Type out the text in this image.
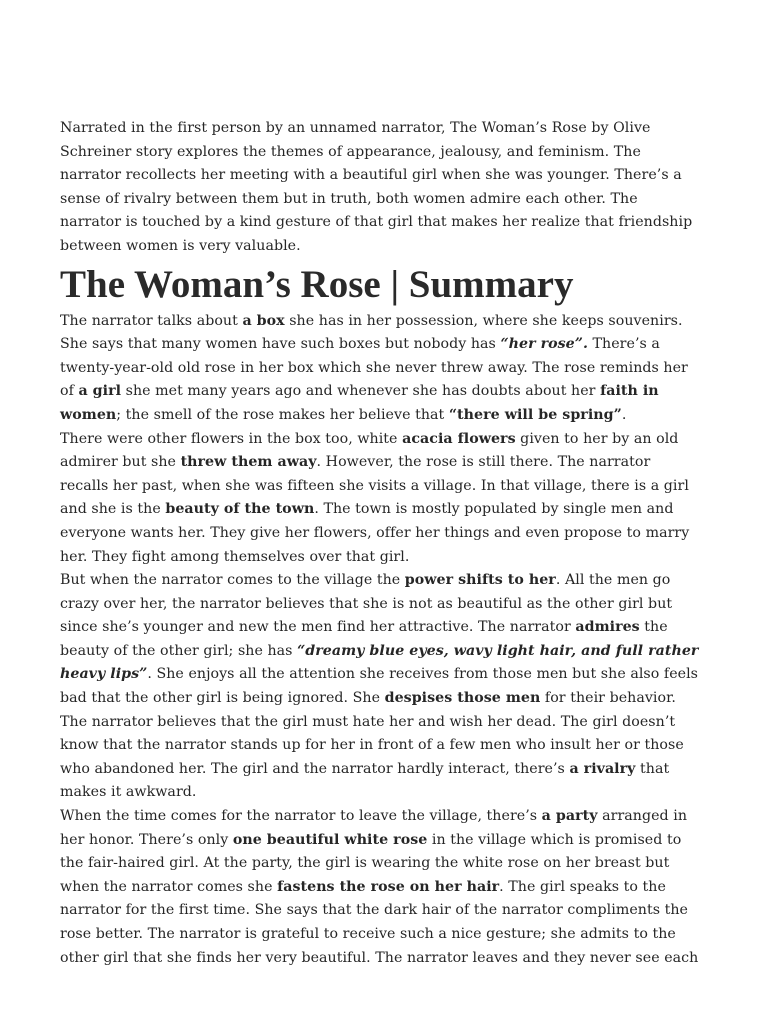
Narrated in the first person by an unnamed narrator, The Woman’s Rose by Olive Schreiner story explores the themes of appearance, jealousy, and feminism. The narrator recollects her meeting with a beautiful girl when she was younger. There’s a sense of rivalry between them but in truth, both women admire each other. The narrator is touched by a kind gesture of that girl that makes her realize that friendship between women is very valuable.

The Woman’s Rose | Summary

The narrator talks about a box she has in her possession, where she keeps souvenirs. She says that many women have such boxes but nobody has “her rose”. There’s a twenty-year-old old rose in her box which she never threw away. The rose reminds her of a girl she met many years ago and whenever she has doubts about her faith in women; the smell of the rose makes her believe that “there will be spring”.

There were other flowers in the box too, white acacia flowers given to her by an old admirer but she threw them away. However, the rose is still there. The narrator recalls her past, when she was fifteen she visits a village. In that village, there is a girl and she is the beauty of the town. The town is mostly populated by single men and everyone wants her. They give her flowers, offer her things and even propose to marry her. They fight among themselves over that girl.

But when the narrator comes to the village the power shifts to her. All the men go crazy over her, the narrator believes that she is not as beautiful as the other girl but since she’s younger and new the men find her attractive. The narrator admires the beauty of the other girl; she has “dreamy blue eyes, wavy light hair, and full rather heavy lips”. She enjoys all the attention she receives from those men but she also feels bad that the other girl is being ignored. She despises those men for their behavior. The narrator believes that the girl must hate her and wish her dead. The girl doesn’t know that the narrator stands up for her in front of a few men who insult her or those who abandoned her. The girl and the narrator hardly interact, there’s a rivalry that makes it awkward.

When the time comes for the narrator to leave the village, there’s a party arranged in her honor. There’s only one beautiful white rose in the village which is promised to the fair-haired girl. At the party, the girl is wearing the white rose on her breast but when the narrator comes she fastens the rose on her hair. The girl speaks to the narrator for the first time. She says that the dark hair of the narrator compliments the rose better. The narrator is grateful to receive such a nice gesture; she admits to the other girl that she finds her very beautiful. The narrator leaves and they never see each
